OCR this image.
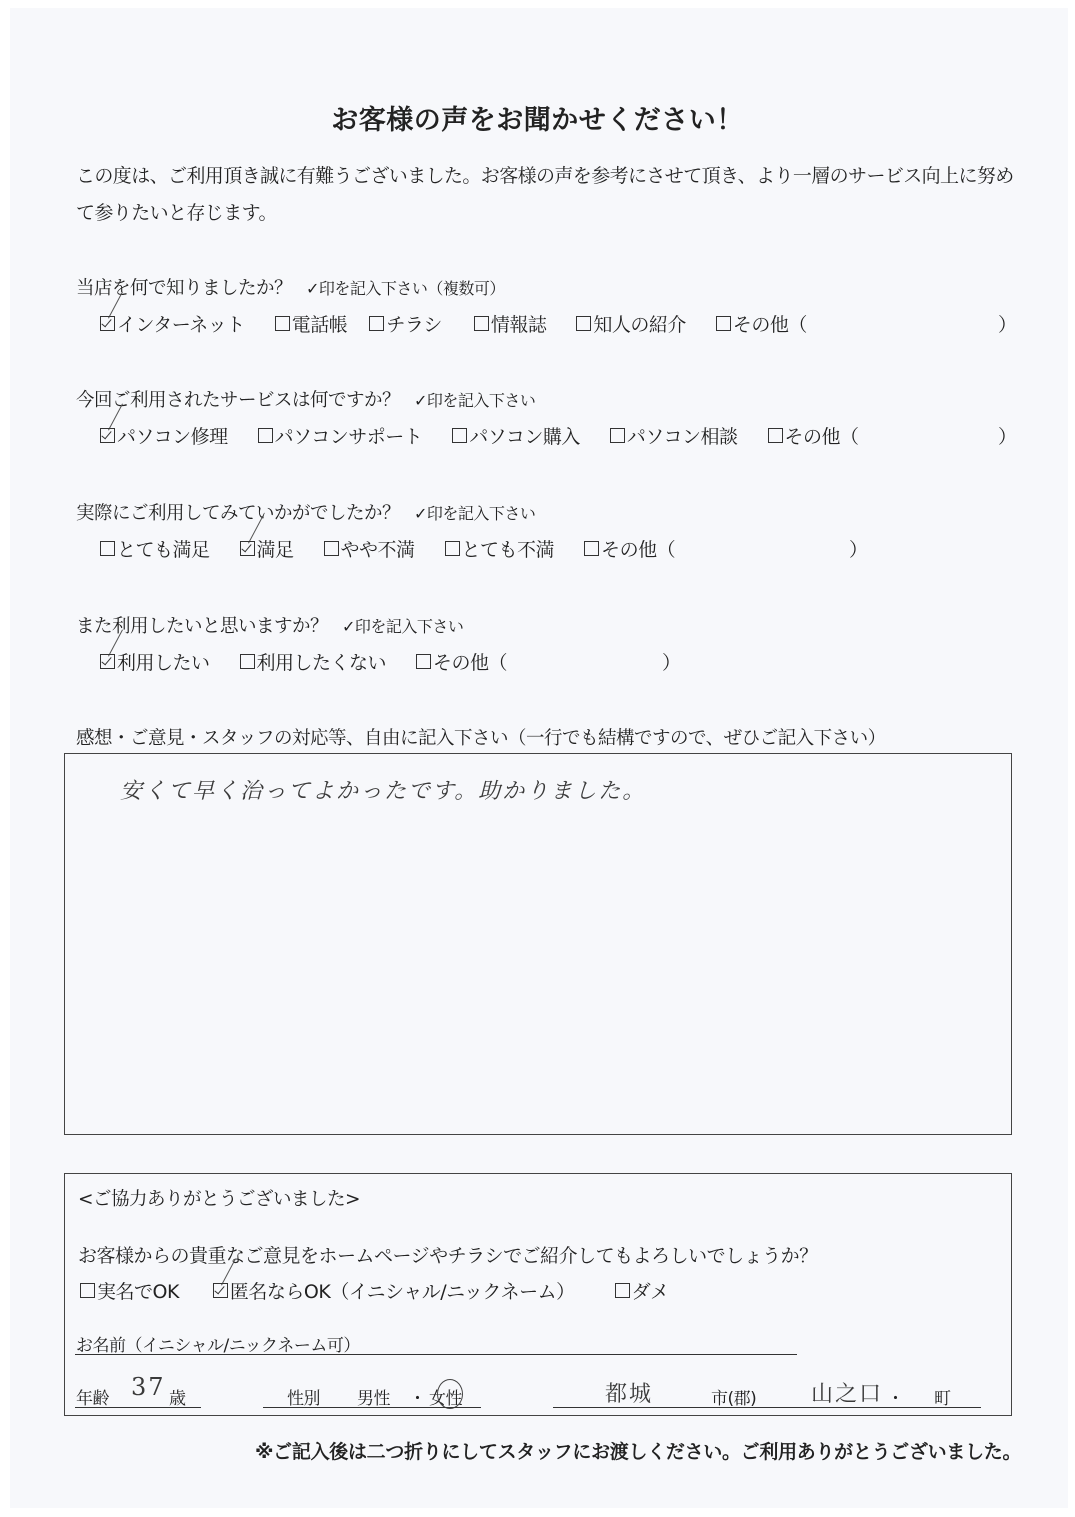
お客様の声をお聞かせください！
この度は、ご利用頂き誠に有難うございました。お客様の声を参考にさせて頂き、より一層のサービス向上に努めて参りたいと存じます。
当店を何で知りましたか？ ✓印を記入下さい（複数可）
インターネット 電話帳 チラシ	情報誌 知人の紹介 その他（	）
今回ご利用されたサービスは何ですか？ ✓印を記入下さい
パソコン修理 パソコンサポート パソコン購入 パソコン相談 その他（	）
実際にご利用してみていかがでしたか？ ✓印を記入下さい
とても満足 満足 やや不満 とても不満 その他（	）
また利用したいと思いますか？ ✓印を記入下さい
利用したい 利用したくない その他（	）
感想・ご意見・スタッフの対応等、自由に記入下さい（一行でも結構ですので、ぜひご記入下さい）
安くて早く治ってよかったです。助かりました。
<ご協力ありがとうございました>
お客様からの貴重なご意見をホームページやチラシでご紹介してもよろしいでしょうか？
実名でOK	匿名ならOK（イニシャル/ニックネーム）	ダメ
お名前（イニシャル/ニックネーム可）
年齢 37 歳	性別 男性 ・ 女性	都城	市(郡) 山之口 ・ 町
※ご記入後は二つ折りにしてスタッフにお渡しください。ご利用ありがとうございました。
